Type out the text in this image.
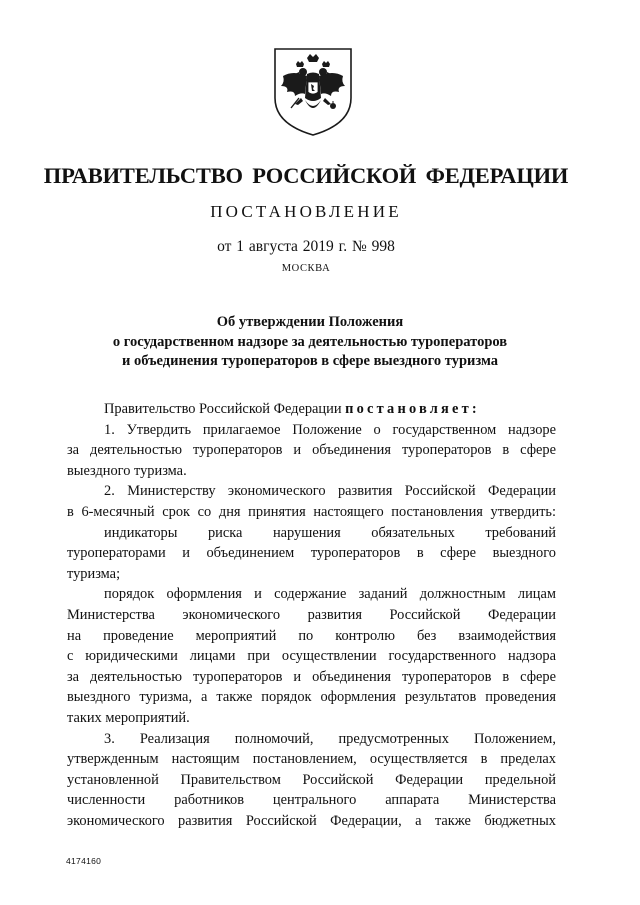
ПРАВИТЕЛЬСТВО РОССИЙСКОЙ ФЕДЕРАЦИИ
ПОСТАНОВЛЕНИЕ
от 1 августа 2019 г. № 998
МОСКВА
Об утверждении Положения
о государственном надзоре за деятельностью туроператоров
и объединения туроператоров в сфере выездного туризма
Правительство Российской Федерации постановляет:
1. Утвердить прилагаемое Положение о государственном надзоре
за деятельностью туроператоров и объединения туроператоров в сфере
выездного туризма.
2. Министерству экономического развития Российской Федерации
в 6-месячный срок со дня принятия настоящего постановления утвердить:
индикаторы риска нарушения обязательных требований
туроператорами и объединением туроператоров в сфере выездного
туризма;
порядок оформления и содержание заданий должностным лицам
Министерства экономического развития Российской Федерации
на проведение мероприятий по контролю без взаимодействия
с юридическими лицами при осуществлении государственного надзора
за деятельностью туроператоров и объединения туроператоров в сфере
выездного туризма, а также порядок оформления результатов проведения
таких мероприятий.
3. Реализация полномочий, предусмотренных Положением,
утвержденным настоящим постановлением, осуществляется в пределах
установленной Правительством Российской Федерации предельной
численности работников центрального аппарата Министерства
экономического развития Российской Федерации, а также бюджетных
4174160
